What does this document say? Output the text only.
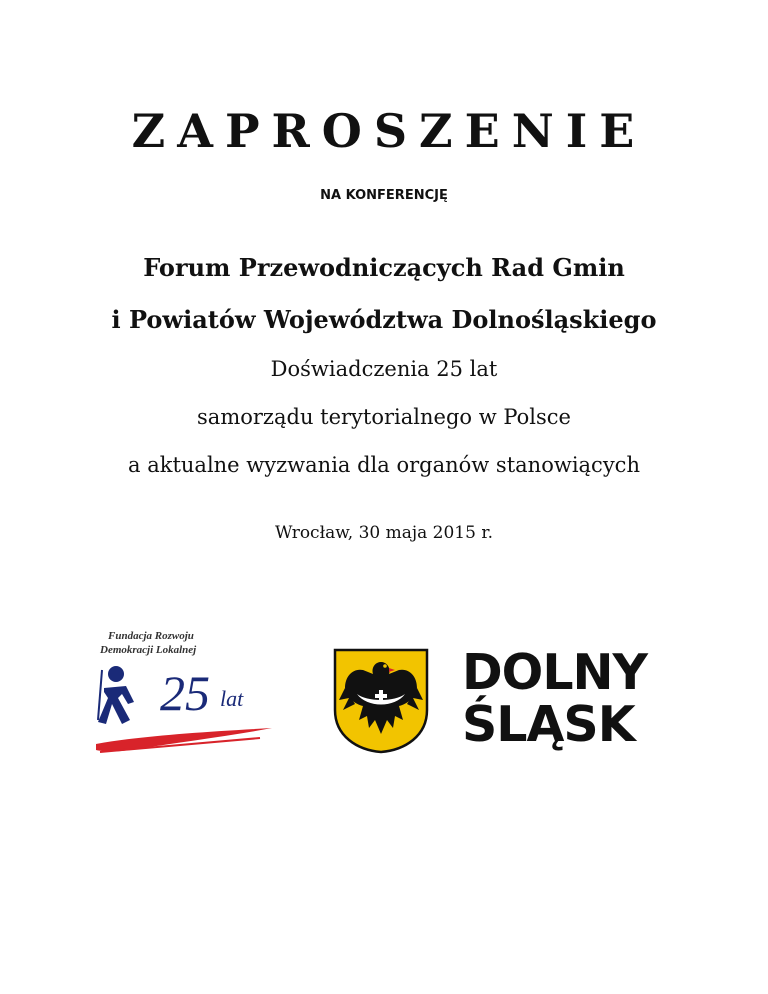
ZAPROSZENIE
NA KONFERENCJĘ
Forum Przewodniczących Rad Gmin
i Powiatów Województwa Dolnośląskiego
Doświadczenia 25 lat
samorządu terytorialnego w Polsce
a aktualne wyzwania dla organów stanowiących
Wrocław, 30 maja 2015 r.
Fundacja Rozwoju
Demokracji Lokalnej
25 lat	DOLNY
ŚLĄSK
